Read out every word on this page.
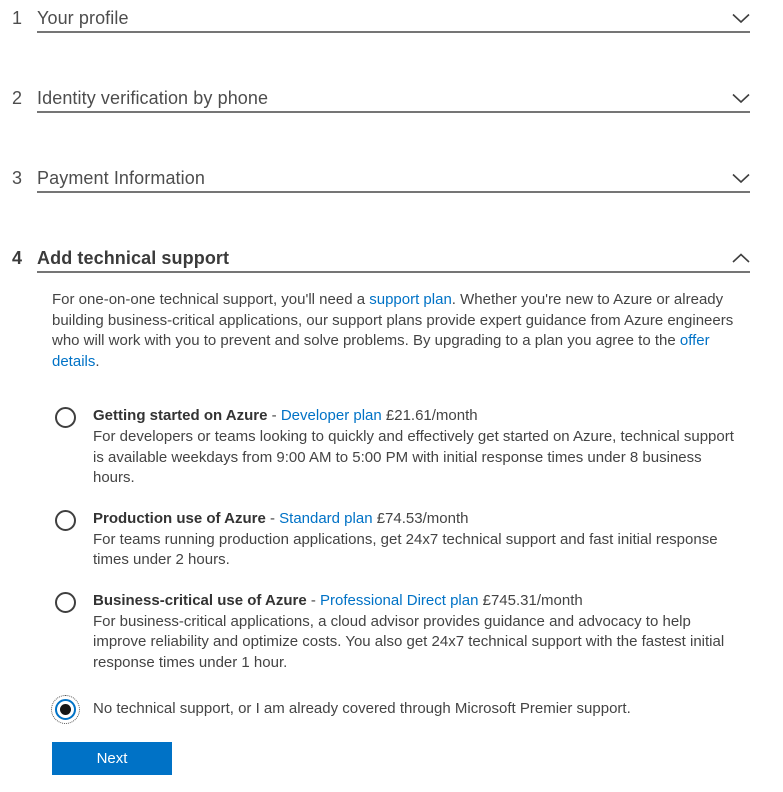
1 Your profile
2 Identity verification by phone
3 Payment Information
4 Add technical support

For one-on-one technical support, you'll need a support plan. Whether you're new to Azure or already building business-critical applications, our support plans provide expert guidance from Azure engineers who will work with you to prevent and solve problems. By upgrading to a plan you agree to the offer details.

Getting started on Azure - Developer plan £21.61/month
For developers or teams looking to quickly and effectively get started on Azure, technical support is available weekdays from 9:00 AM to 5:00 PM with initial response times under 8 business hours.
Production use of Azure - Standard plan £74.53/month
For teams running production applications, get 24x7 technical support and fast initial response times under 2 hours.
Business-critical use of Azure - Professional Direct plan £745.31/month
For business-critical applications, a cloud advisor provides guidance and advocacy to help improve reliability and optimize costs. You also get 24x7 technical support with the fastest initial response times under 1 hour.
No technical support, or I am already covered through Microsoft Premier support.
Next
